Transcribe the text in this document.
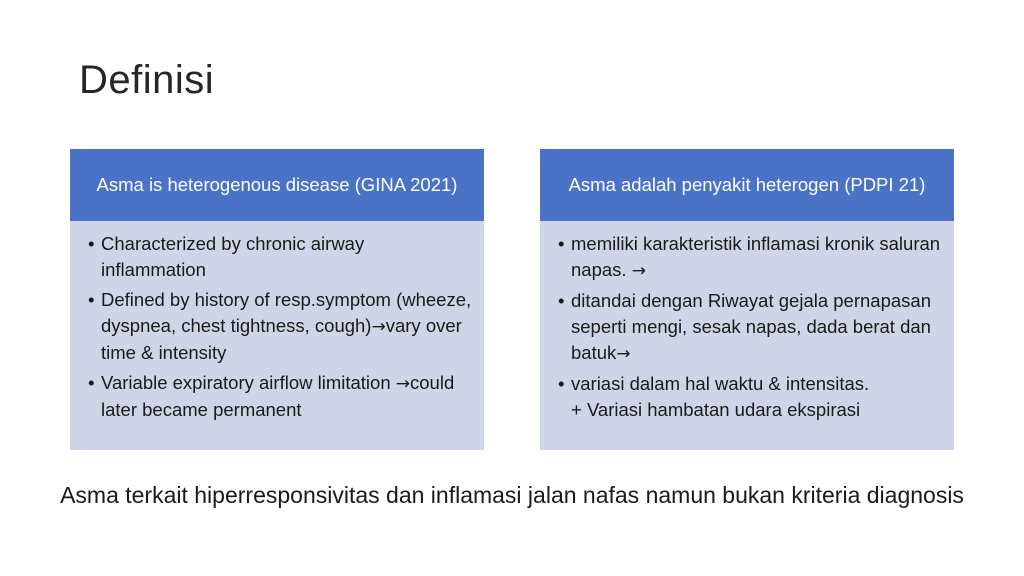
Definisi
Asma is heterogenous disease (GINA 2021)
• Characterized by chronic airway inflammation
• Defined by history of resp.symptom (wheeze, dyspnea, chest tightness, cough)→vary over time & intensity
• Variable expiratory airflow limitation →could later became permanent
Asma adalah penyakit heterogen (PDPI 21)
• memiliki karakteristik inflamasi kronik saluran napas. →
• ditandai dengan Riwayat gejala pernapasan seperti mengi, sesak napas, dada berat dan batuk→
• variasi dalam hal waktu & intensitas.
+ Variasi hambatan udara ekspirasi
Asma terkait hiperresponsivitas dan inflamasi jalan nafas namun bukan kriteria diagnosis
